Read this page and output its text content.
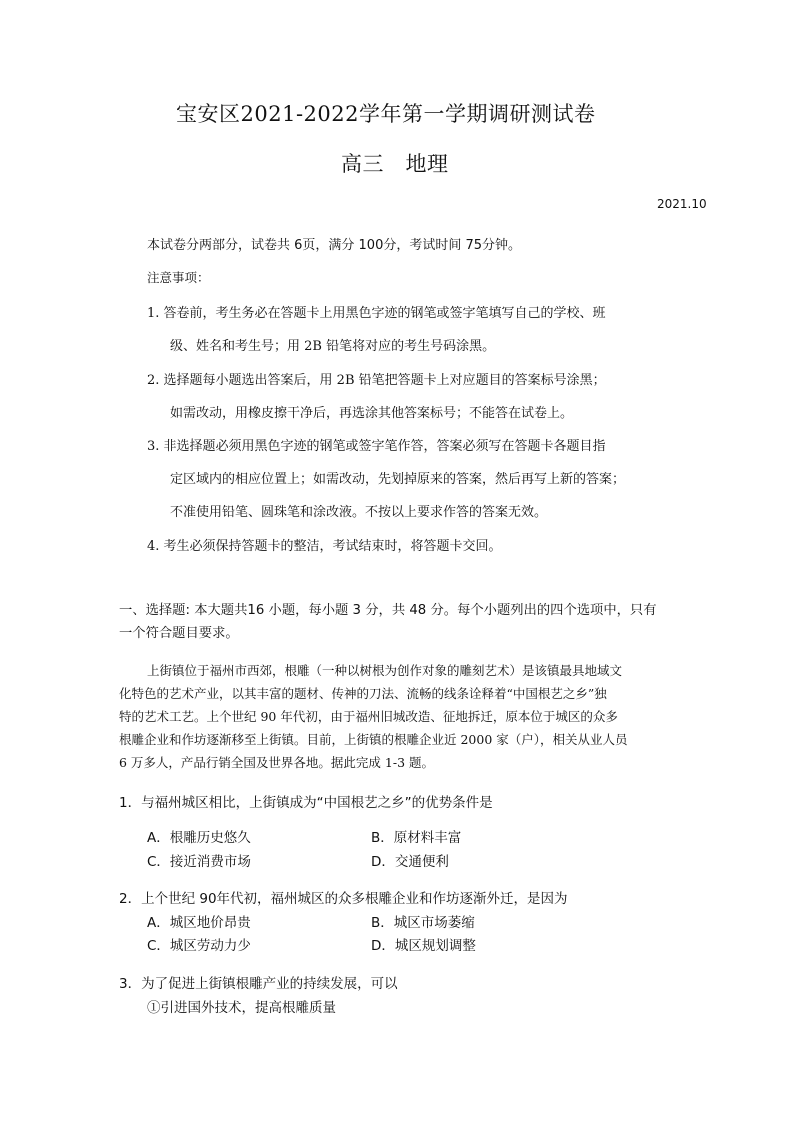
宝安区2021-2022学年第一学期调研测试卷
高三　地理
2021.10
本试卷分两部分，试卷共 6页，满分 100分，考试时间 75分钟。
注意事项：
1. 答卷前，考生务必在答题卡上用黑色字迹的钢笔或签字笔填写自己的学校、班
级、姓名和考生号；用 2B 铅笔将对应的考生号码涂黑。
2. 选择题每小题选出答案后，用 2B 铅笔把答题卡上对应题目的答案标号涂黑；
如需改动，用橡皮擦干净后，再选涂其他答案标号；不能答在试卷上。
3. 非选择题必须用黑色字迹的钢笔或签字笔作答，答案必须写在答题卡各题目指
定区域内的相应位置上；如需改动，先划掉原来的答案，然后再写上新的答案；
不准使用铅笔、圆珠笔和涂改液。不按以上要求作答的答案无效。
4. 考生必须保持答题卡的整洁，考试结束时，将答题卡交回。
一、选择题: 本大题共16 小题，每小题 3 分，共 48 分。每个小题列出的四个选项中，只有
一个符合题目要求。
上街镇位于福州市西郊，根雕（一种以树根为创作对象的雕刻艺术）是该镇最具地域文
化特色的艺术产业，以其丰富的题材、传神的刀法、流畅的线条诠释着“中国根艺之乡”独
特的艺术工艺。上个世纪 90 年代初，由于福州旧城改造、征地拆迁，原本位于城区的众多
根雕企业和作坊逐渐移至上街镇。目前，上街镇的根雕企业近 2000 家（户），相关从业人员
6 万多人，产品行销全国及世界各地。据此完成 1-3 题。
1．与福州城区相比，上街镇成为“中国根艺之乡”的优势条件是
A．根雕历史悠久	B．原材料丰富
C．接近消费市场	D．交通便利
2．上个世纪 90年代初，福州城区的众多根雕企业和作坊逐渐外迁，是因为
A．城区地价昂贵	B．城区市场萎缩
C．城区劳动力少	D．城区规划调整
3．为了促进上街镇根雕产业的持续发展，可以
①引进国外技术，提高根雕质量
